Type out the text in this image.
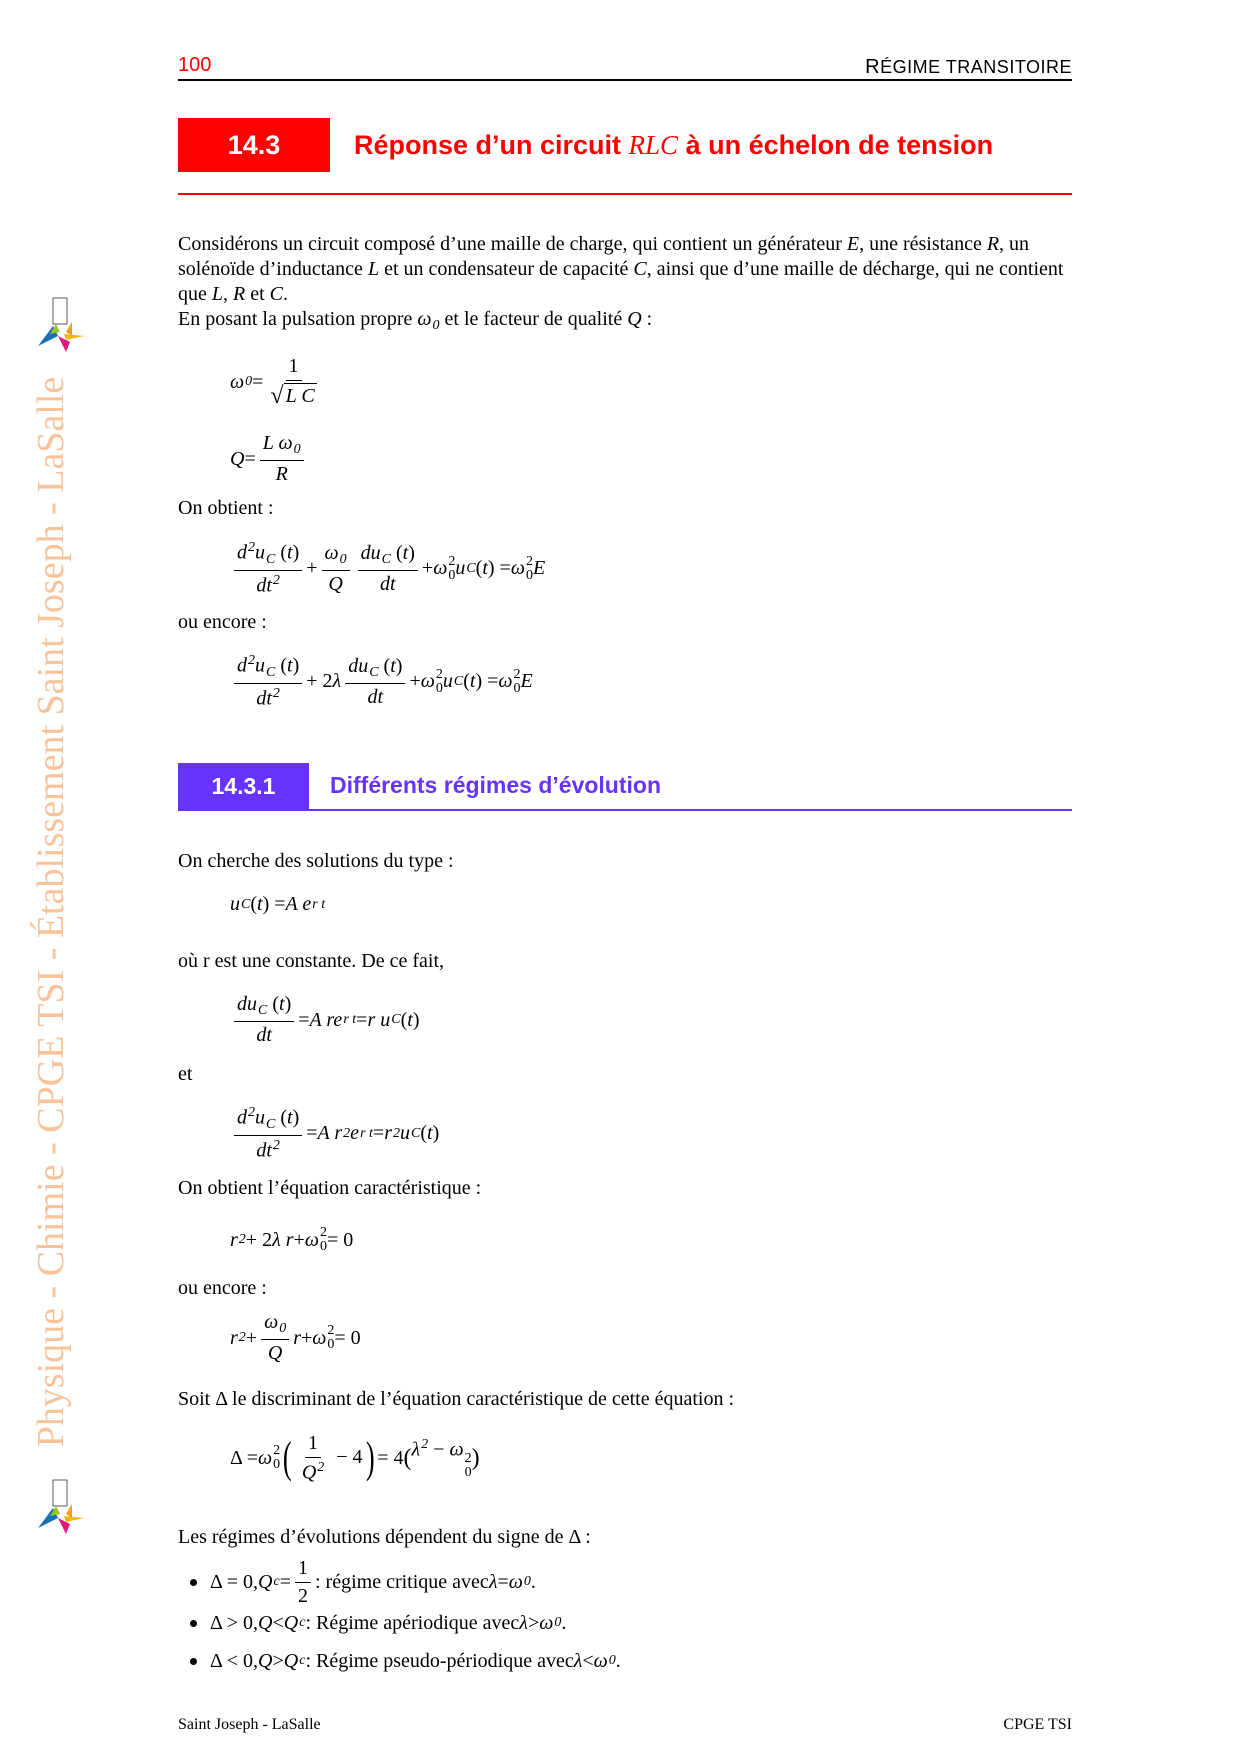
Physique - Chimie - CPGE TSI - Établissement Saint Joseph - LaSalle
100	RÉGIME TRANSITOIRE
14.3	Réponse d’un circuit RLC à un échelon de tension
14.3.1	Différents régimes d’évolution
Considérons un circuit composé d’une maille de charge, qui contient un générateur E, une résistance R, un solénoïde d’inductance L et un condensateur de capacité C, ainsi que d’une maille de décharge, qui ne contient que L, R et C.
En posant la pulsation propre $\omega_0$ et le facteur de qualité Q :
ω $0 = \frac{1}{\text{√ L C}}$
$Q = \frac{L \omega_0}{R}$
On obtient :
$\frac{d^2u_C (t)}{dt^2} + \frac{\omega_0}{Q} \frac{du_C (t)}{dt} + \omega$ 2
0 u C ( t ) = ω 2
0 E
ou encore :
$\frac{d^2u_C (t)}{dt^2} + 2$ λ $\frac{du_C (t)}{dt} + \omega$ 2
0 u C ( t ) = ω 2
0 E
On cherche des solutions du type :
u C ( t ) = A e r t
où r est une constante. De ce fait,
$\frac{du_C (t)}{dt} = A$ re r t = r u C ( t )
et
$\frac{d^2u_C (t)}{dt^2} = A$ r 2 e r t = r 2 u C ( t )
On obtient l’équation caractéristique :
r 2 + 2 λ r + ω 2
0 = 0
ou encore :
r $2 + \frac{\omega_0}{Q}$ r + ω 2
0 = 0
Soit Δ le discriminant de l’équation caractéristique de cette équation :
Δ = ω 2
0 ( $\frac{1}{Q^2} - 4$ ) = 4 ( $\lambda^2 - \omega$ 2
0
)
Les régimes d’évolutions dépendent du signe de Δ :
Δ = 0, Q $c = \frac{1}{2}$ : régime critique avec λ = ω 0 .
Δ > 0, Q < Q c : Régime apériodique avec λ > ω 0 .
Δ < 0, Q > Q c : Régime pseudo-périodique avec λ < ω 0 .
Saint Joseph - LaSalle	CPGE TSI
